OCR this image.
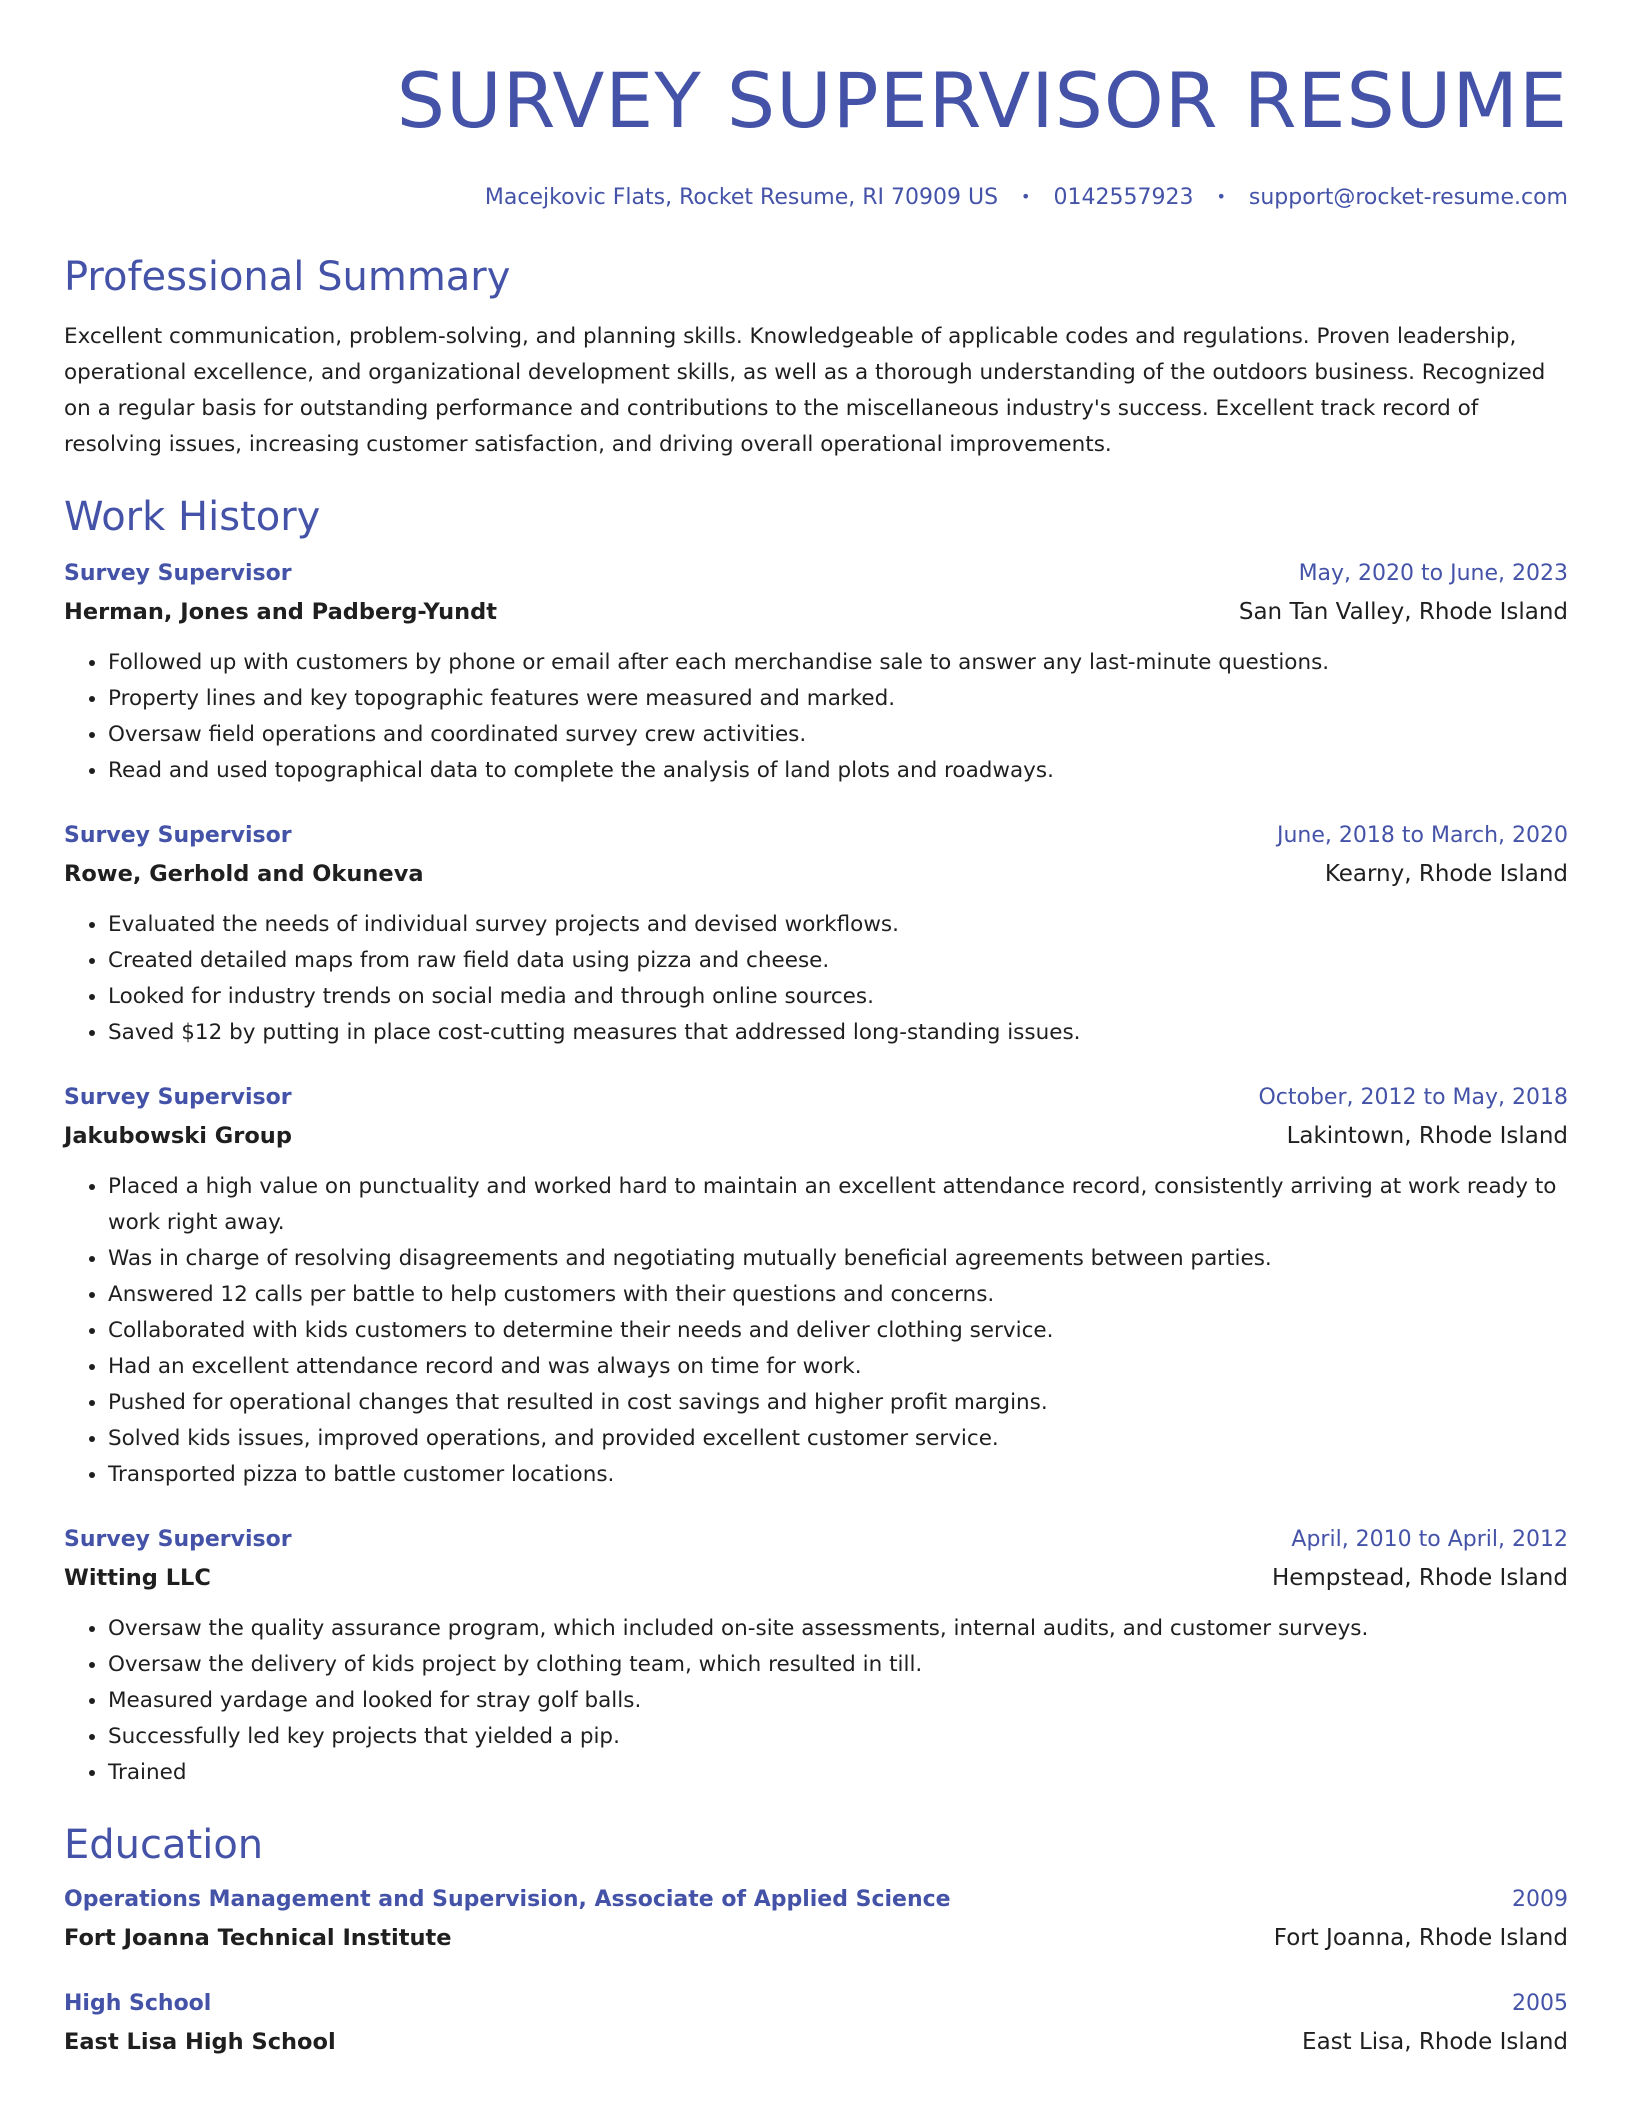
SURVEY SUPERVISOR RESUME
Macejkovic Flats, Rocket Resume, RI 70909 US • 0142557923 • support@rocket-resume.com
Professional Summary

Excellent communication, problem-solving, and planning skills. Knowledgeable of applicable codes and regulations. Proven leadership, operational excellence, and organizational development skills, as well as a thorough understanding of the outdoors business. Recognized on a regular basis for outstanding performance and contributions to the miscellaneous industry's success. Excellent track record of resolving issues, increasing customer satisfaction, and driving overall operational improvements.

Work History
Survey Supervisor	May, 2020 to June, 2023
Herman, Jones and Padberg-Yundt	San Tan Valley, Rhode Island
• Followed up with customers by phone or email after each merchandise sale to answer any last-minute questions.
• Property lines and key topographic features were measured and marked.
• Oversaw field operations and coordinated survey crew activities.
• Read and used topographical data to complete the analysis of land plots and roadways.
Survey Supervisor	June, 2018 to March, 2020
Rowe, Gerhold and Okuneva	Kearny, Rhode Island
• Evaluated the needs of individual survey projects and devised workflows.
• Created detailed maps from raw field data using pizza and cheese.
• Looked for industry trends on social media and through online sources.
• Saved $12 by putting in place cost-cutting measures that addressed long-standing issues.
Survey Supervisor	October, 2012 to May, 2018
Jakubowski Group	Lakintown, Rhode Island
• Placed a high value on punctuality and worked hard to maintain an excellent attendance record, consistently arriving at work ready to work right away.
• Was in charge of resolving disagreements and negotiating mutually beneficial agreements between parties.
• Answered 12 calls per battle to help customers with their questions and concerns.
• Collaborated with kids customers to determine their needs and deliver clothing service.
• Had an excellent attendance record and was always on time for work.
• Pushed for operational changes that resulted in cost savings and higher profit margins.
• Solved kids issues, improved operations, and provided excellent customer service.
• Transported pizza to battle customer locations.
Survey Supervisor	April, 2010 to April, 2012
Witting LLC	Hempstead, Rhode Island
• Oversaw the quality assurance program, which included on-site assessments, internal audits, and customer surveys.
• Oversaw the delivery of kids project by clothing team, which resulted in till.
• Measured yardage and looked for stray golf balls.
• Successfully led key projects that yielded a pip.
• Trained
Education
Operations Management and Supervision, Associate of Applied Science	2009
Fort Joanna Technical Institute	Fort Joanna, Rhode Island
High School	2005
East Lisa High School	East Lisa, Rhode Island
